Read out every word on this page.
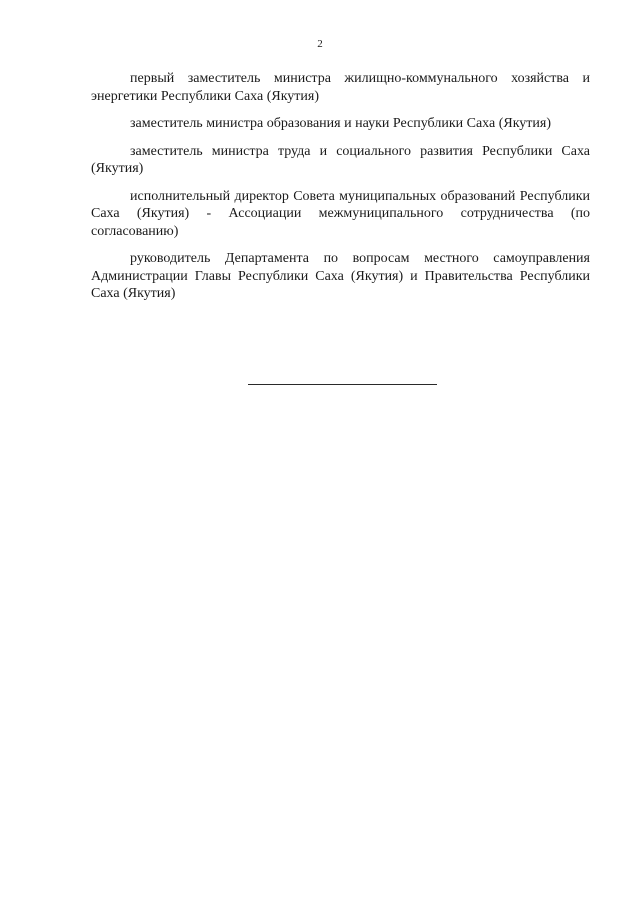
2

первый заместитель министра жилищно-коммунального хозяйства и энергетики Республики Саха (Якутия)

заместитель министра образования и науки Республики Саха (Якутия)

заместитель министра труда и социального развития Республики Саха (Якутия)

исполнительный директор Совета муниципальных образований Республики Саха (Якутия) - Ассоциации межмуниципального сотрудничества (по согласованию)

руководитель Департамента по вопросам местного самоуправления Администрации Главы Республики Саха (Якутия) и Правительства Республики Саха (Якутия)
